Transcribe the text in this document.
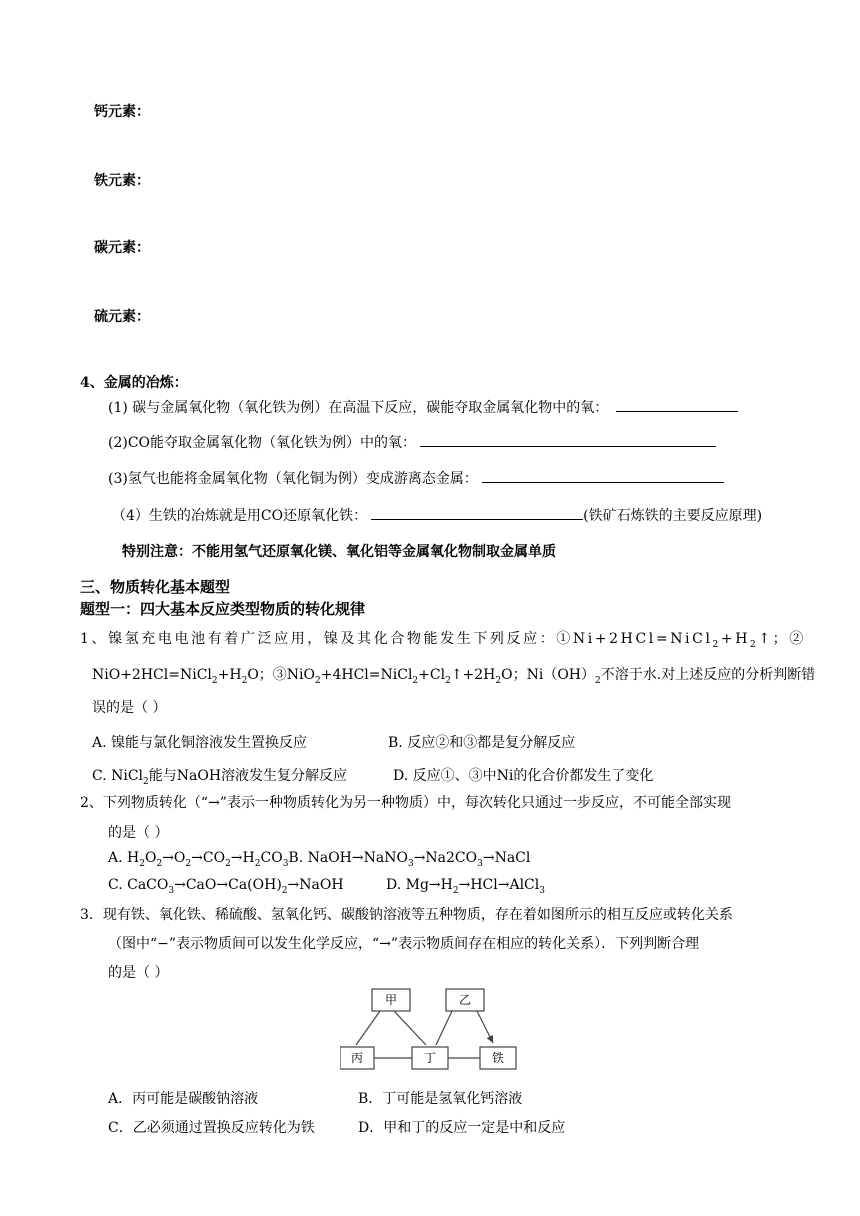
钙元素：
铁元素：
碳元素：
硫元素：
4、金属的冶炼：
(1) 碳与金属氧化物（氧化铁为例）在高温下反应，碳能夺取金属氧化物中的氧：
(2)CO能夺取金属氧化物（氧化铁为例）中的氧：
(3)氢气也能将金属氧化物（氧化铜为例）变成游离态金属：
（4）生铁的冶炼就是用CO还原氧化铁：	(铁矿石炼铁的主要反应原理)
特别注意：不能用氢气还原氧化镁、氧化铝等金属氧化物制取金属单质
三、物质转化基本题型
题型一：四大基本反应类型物质的转化规律
1、镍氢充电电池有着广泛应用，镍及其化合物能发生下列反应：$①Ni+2HCl=NiCl_2+H_2↑$；②
$NiO+2HCl=NiCl_2+H_2O$；$③NiO_2+4HCl=NiCl_2+Cl_2↑+2H_2O$；$Ni(OH)_2$不溶于水.对上述反应的分析判断错
误的是（ ）
A. 镍能与氯化铜溶液发生置换反应	B. 反应②和③都是复分解反应
C. NiCl$_2$能与NaOH溶液发生复分解反应	D. 反应①、③中Ni的化合价都发生了变化
2、下列物质转化（“→”表示一种物质转化为另一种物质）中，每次转化只通过一步反应，不可能全部实现
的是（ ）
A. $H_2O_2\to O_2\to CO_2\to H_2CO_3B$. $NaOH\to NaNO_3\to Na2CO_3\to NaCl$
C. $CaCO_3\to CaO\to Ca(OH)_2\to NaOH$	D. $Mg\to H_2\to HCl\to AlCl_3$
3．现有铁、氧化铁、稀硫酸、氢氧化钙、碳酸钠溶液等五种物质，存在着如图所示的相互反应或转化关系
（图中“−”表示物质间可以发生化学反应，“→”表示物质间存在相应的转化关系）．下列判断合理
的是（ ）
甲	乙
丙	丁	铁
A．丙可能是碳酸钠溶液	B．丁可能是氢氧化钙溶液
C．乙必须通过置换反应转化为铁	D．甲和丁的反应一定是中和反应
